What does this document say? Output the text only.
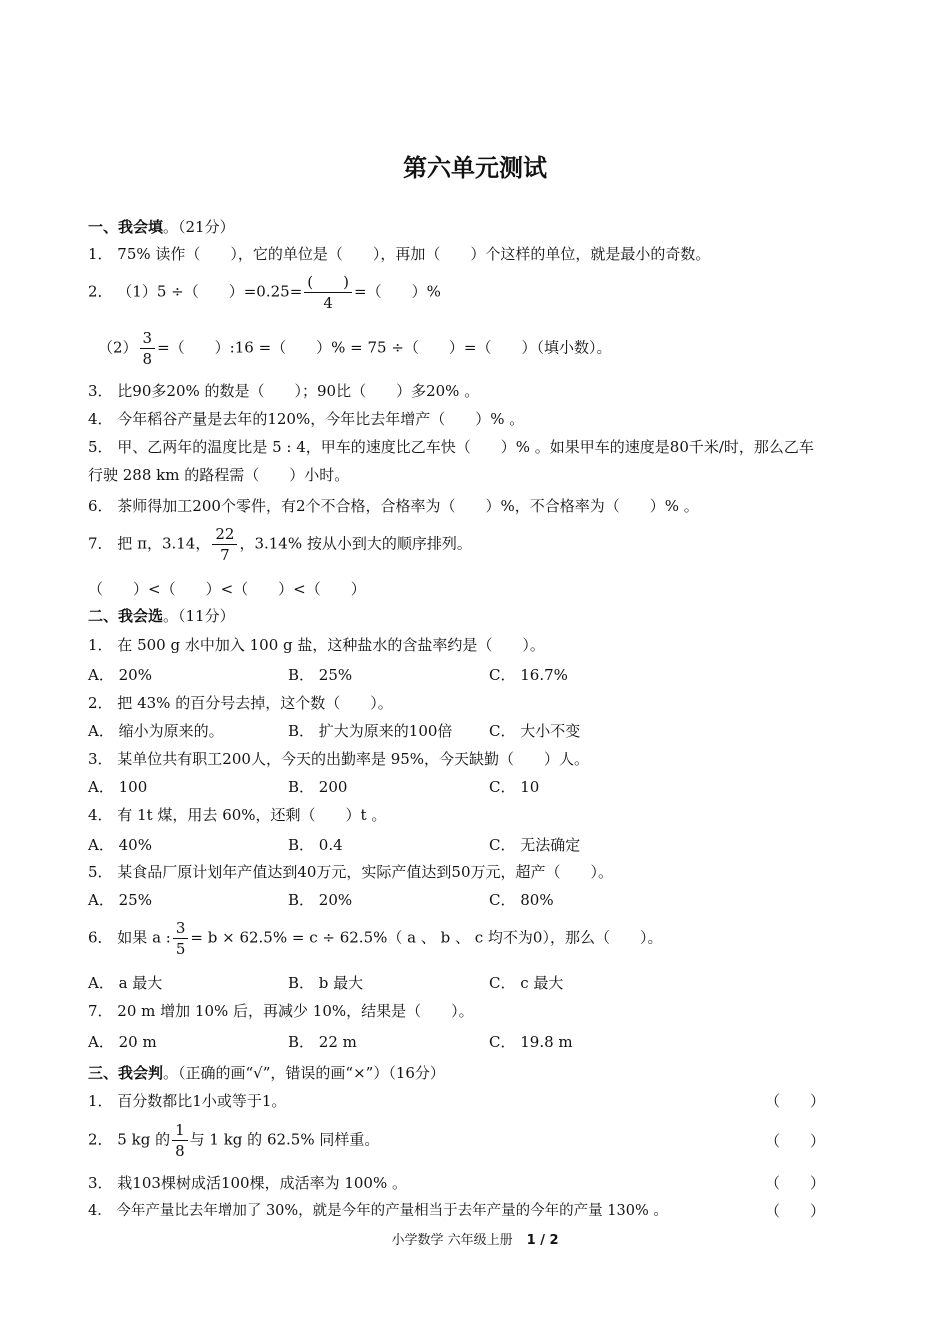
第六单元测试
一、我会填。（21分）
1． 75% 读作（　　），它的单位是（　　），再加（　　）个这样的单位，就是最小的奇数。
2． （1）5 ÷（　　）$=0.25= \frac{( )}{4}$ =（　　）%
$(2) \frac{3}{8}$ =（　　）:16 =（　　）% = 75 ÷（　　）=（　　）（填小数）。
3． 比90多20% 的数是（　　）；90比（　　）多20% 。
4． 今年稻谷产量是去年的120%，今年比去年增产（　　）% 。
5． 甲、乙两年的温度比是 5 : 4，甲车的速度比乙车快（　　）% 。如果甲车的速度是80千米/时，那么乙车
行驶 288 km 的路程需（　　）小时。
6． 茶师得加工200个零件，有2个不合格，合格率为（　　）%，不合格率为（　　）% 。
7． 把 π，3.14， $\frac{22}{7}$ ，3.14% 按从小到大的顺序排列。
（　　）<（　　）<（　　）<（　　）
二、我会选。（11分）
1． 在 500 g 水中加入 100 g 盐，这种盐水的含盐率约是（　　）。
A． 20%	B． 25%	C． 16.7%
2． 把 43% 的百分号去掉，这个数（　　）。
A． 缩小为原来的。	B． 扩大为原来的100倍 C． 大小不变
3． 某单位共有职工200人，今天的出勤率是 95%，今天缺勤（　　）人。
A． 100	B． 200	C． 10
4． 有 1t 煤，用去 60%，还剩（　　）t 。
A． 40%	B． 0.4	C． 无法确定
5． 某食品厂原计划年产值达到40万元，实际产值达到50万元，超产（　　）。
A． 25%	B． 20%	C． 80%
6． 如果 a : $\frac{3}{5} = b \times 62.5\% = c \div 62.5\%$（ a 、 b 、 c 均不为0），那么（　　）。
A． a 最大	B． b 最大	C． c 最大
7． 20 m 增加 10% 后，再减少 10%，结果是（　　）。
A． 20 m	B． 22 m	C． 19.8 m
三、我会判。（正确的画“√”，错误的画“×”）（16分）
1． 百分数都比1小或等于1。	（　　）
2． 5 kg 的 $\frac{1}{8}$ 与 1 kg 的 62.5% 同样重。	（　　）
3． 栽103棵树成活100棵，成活率为 100% 。	（　　）
4． 今年产量比去年增加了 30%，就是今年的产量相当于去年产量的今年的产量 130% 。	（　　）
小学数学 六年级上册 1 / 2
